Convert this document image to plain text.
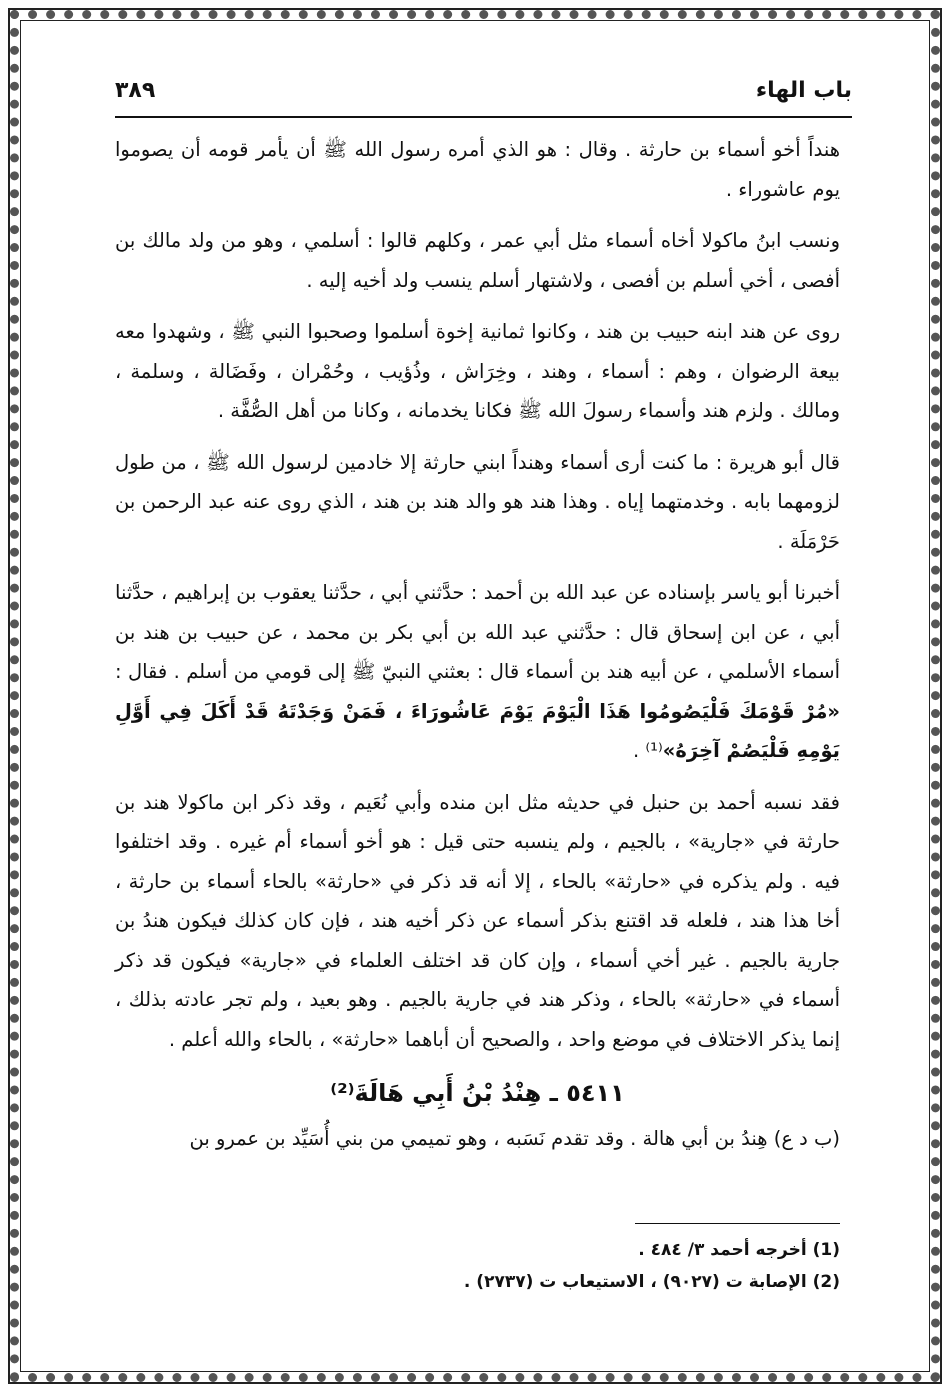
باب الهاء
٣٨٩

هنداً أخو أسماء بن حارثة . وقال : هو الذي أمره رسول الله ﷺ أن يأمر قومه أن يصوموا يوم عاشوراء .

ونسب ابنُ ماكولا أخاه أسماء مثل أبي عمر ، وكلهم قالوا : أسلمي ، وهو من ولد مالك بن أفصى ، أخي أسلم بن أفصى ، ولاشتهار أسلم ينسب ولد أخيه إليه .

روى عن هند ابنه حبيب بن هند ، وكانوا ثمانية إخوة أسلموا وصحبوا النبي ﷺ ، وشهدوا معه بيعة الرضوان ، وهم : أسماء ، وهند ، وخِرَاش ، وذُؤيب ، وحُمْران ، وفَضَالة ، وسلمة ، ومالك . ولزم هند وأسماء رسولَ الله ﷺ فكانا يخدمانه ، وكانا من أهل الصُّفَّة .

قال أبو هريرة : ما كنت أرى أسماء وهنداً ابني حارثة إلا خادمين لرسول الله ﷺ ، من طول لزومهما بابه . وخدمتهما إياه . وهذا هند هو والد هند بن هند ، الذي روى عنه عبد الرحمن بن حَرْمَلَة .

أخبرنا أبو ياسر بإسناده عن عبد الله بن أحمد : حدَّثني أبي ، حدَّثنا يعقوب بن إبراهيم ، حدَّثنا أبي ، عن ابن إسحاق قال : حدَّثني عبد الله بن أبي بكر بن محمد ، عن حبيب بن هند بن أسماء الأسلمي ، عن أبيه هند بن أسماء قال : بعثني النبيّ ﷺ إلى قومي من أسلم . فقال : «مُرْ قَوْمَكَ فَلْيَصُومُوا هَذَا الْيَوْمَ يَوْمَ عَاشُورَاءَ ، فَمَنْ وَجَدْتَهُ قَدْ أَكَلَ فِي أَوَّلِ يَوْمِهِ فَلْيَصُمْ آخِرَهُ»⁽¹⁾ .

فقد نسبه أحمد بن حنبل في حديثه مثل ابن منده وأبي نُعَيم ، وقد ذكر ابن ماكولا هند بن حارثة في «جارية» ، بالجيم ، ولم ينسبه حتى قيل : هو أخو أسماء أم غيره . وقد اختلفوا فيه . ولم يذكره في «حارثة» بالحاء ، إلا أنه قد ذكر في «حارثة» بالحاء أسماء بن حارثة ، أخا هذا هند ، فلعله قد اقتنع بذكر أسماء عن ذكر أخيه هند ، فإن كان كذلك فيكون هندُ بن جارية بالجيم . غير أخي أسماء ، وإن كان قد اختلف العلماء في «جارية» فيكون قد ذكر أسماء في «حارثة» بالحاء ، وذكر هند في جارية بالجيم . وهو بعيد ، ولم تجر عادته بذلك ، إنما يذكر الاختلاف في موضع واحد ، والصحيح أن أباهما «حارثة» ، بالحاء والله أعلم .

٥٤١١ ـ هِنْدُ بْنُ أَبِي هَالَةَ⁽²⁾

(ب د ع) هِندُ بن أبي هالة . وقد تقدم نَسَبه ، وهو تميمي من بني أُسَيِّد بن عمرو بن

(1) أخرجه أحمد ٣/ ٤٨٤ .

(2) الإصابة ت (٩٠٢٧) ، الاستيعاب ت (٢٧٣٧) .
